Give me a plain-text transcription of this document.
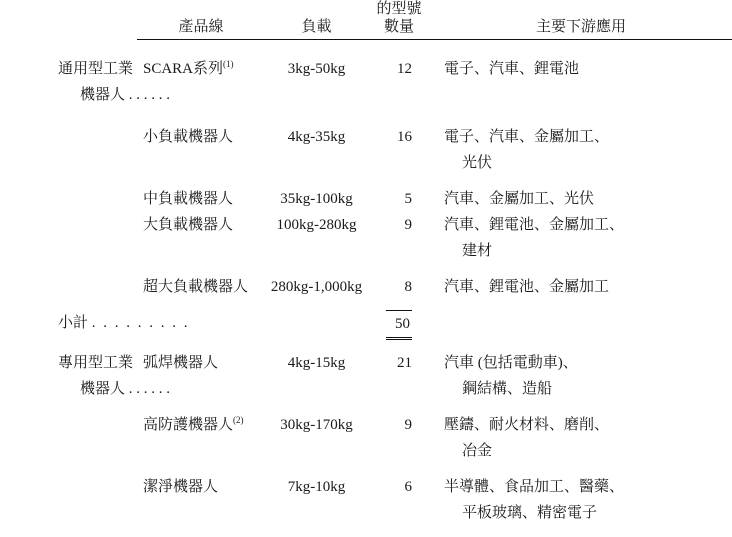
	產品線	負載	的型號
數量	主要下游應用

通用型工業
機器人 . . . . . .	SCARA系列$^{(1)}$	3kg-50kg	12	電子、汽車、鋰電池

	小負載機器人	4kg-35kg	16	電子、汽車、金屬加工、
光伏

	中負載機器人	35kg-100kg	5	汽車、金屬加工、光伏

	大負載機器人	100kg-280kg	9	汽車、鋰電池、金屬加工、
建材

	超大負載機器人	280kg-1,000kg	8	汽車、鋰電池、金屬加工

小計 . . . . . . . . .			50	

專用型工業
機器人 . . . . . .	弧焊機器人	4kg-15kg	21	汽車 (包括電動車)、
鋼結構、造船

	高防護機器人$^{(2)}$	30kg-170kg	9	壓鑄、耐火材料、磨削、
冶金

	潔淨機器人	7kg-10kg	6	半導體、食品加工、醫藥、
平板玻璃、精密電子
